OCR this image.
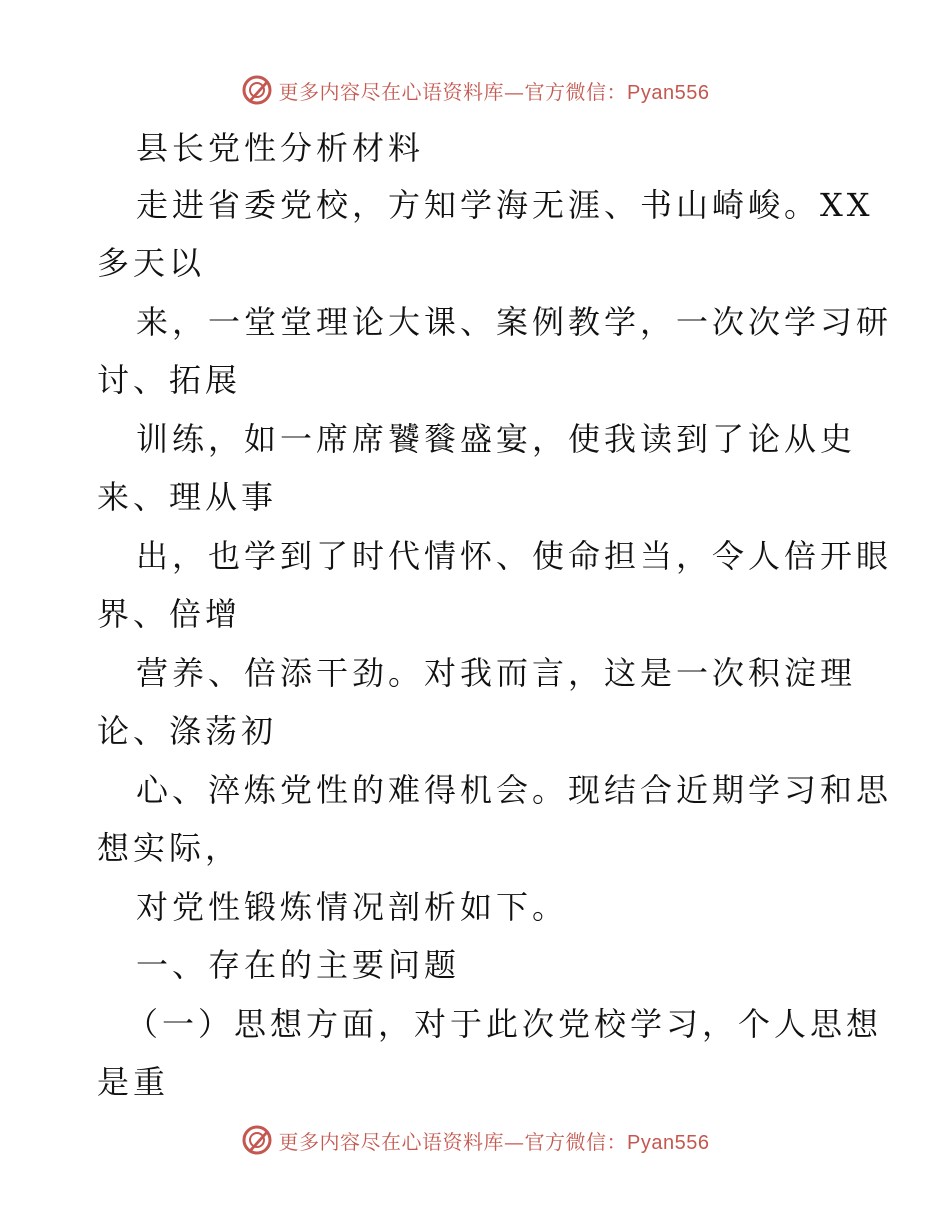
更多内容尽在心语资料库—官方微信：Pyan556
县长党性分析材料
走进省委党校，方知学海无涯、书山崎峻。XX
多天以
来，一堂堂理论大课、案例教学，一次次学习研
讨、拓展
训练，如一席席饕餮盛宴，使我读到了论从史
来、理从事
出，也学到了时代情怀、使命担当，令人倍开眼
界、倍增
营养、倍添干劲。对我而言，这是一次积淀理
论、涤荡初
心、淬炼党性的难得机会。现结合近期学习和思
想实际，
对党性锻炼情况剖析如下。
一、存在的主要问题
（一）思想方面，对于此次党校学习，个人思想
是重
更多内容尽在心语资料库—官方微信：Pyan556
